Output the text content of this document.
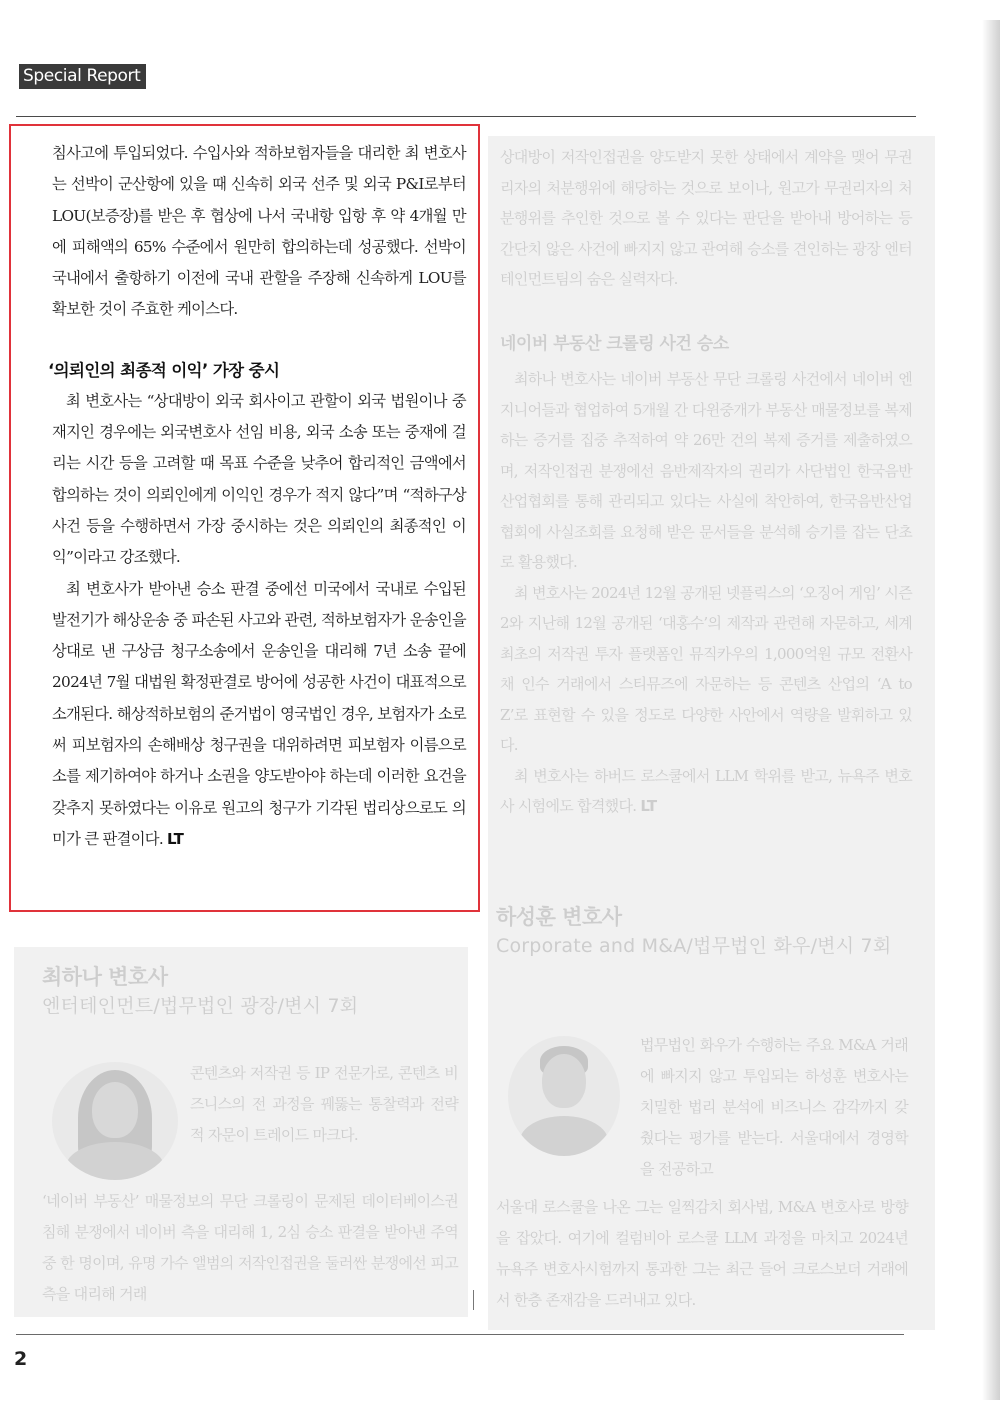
Special Report

상대방이 저작인접권을 양도받지 못한 상태에서 계약을 맺어 무권리자의 처분행위에 해당하는 것으로 보이나, 원고가 무권리자의 처분행위를 추인한 것으로 볼 수 있다는 판단을 받아내 방어하는 등 간단치 않은 사건에 빠지지 않고 관여해 승소를 견인하는 광장 엔터테인먼트팀의 숨은 실력자다.

네이버 부동산 크롤링 사건 승소

최하나 변호사는 네이버 부동산 무단 크롤링 사건에서 네이버 엔지니어들과 협업하여 5개월 간 다윈중개가 부동산 매물정보를 복제하는 증거를 집중 추적하여 약 26만 건의 복제 증거를 제출하였으며, 저작인접권 분쟁에선 음반제작자의 권리가 사단법인 한국음반산업협회를 통해 관리되고 있다는 사실에 착안하여, 한국음반산업협회에 사실조회를 요청해 받은 문서들을 분석해 승기를 잡는 단초로 활용했다.

최 변호사는 2024년 12월 공개된 넷플릭스의 ‘오징어 게임’ 시즌2와 지난해 12월 공개된 ‘대홍수’의 제작과 관련해 자문하고, 세계 최초의 저작권 투자 플랫폼인 뮤직카우의 1,000억원 규모 전환사채 인수 거래에서 스티뮤즈에 자문하는 등 콘텐츠 산업의 ‘A to Z’로 표현할 수 있을 정도로 다양한 사안에서 역량을 발휘하고 있다.

최 변호사는 하버드 로스쿨에서 LLM 학위를 받고, 뉴욕주 변호사 시험에도 합격했다. LT

하성훈 변호사

Corporate and M&A/법무법인 화우/변시 7회

법무법인 화우가 수행하는 주요 M&A 거래에 빠지지 않고 투입되는 하성훈 변호사는 치밀한 법리 분석에 비즈니스 감각까지 갖췄다는 평가를 받는다. 서울대에서 경영학을 전공하고

서울대 로스쿨을 나온 그는 일찍감치 회사법, M&A 변호사로 방향을 잡았다. 여기에 컬럼비아 로스쿨 LLM 과정을 마치고 2024년 뉴욕주 변호사시험까지 통과한 그는 최근 들어 크로스보더 거래에서 한층 존재감을 드러내고 있다.

최하나 변호사

엔터테인먼트/법무법인 광장/변시 7회

콘텐츠와 저작권 등 IP 전문가로, 콘텐츠 비즈니스의 전 과정을 꿰뚫는 통찰력과 전략적 자문이 트레이드 마크다.

‘네이버 부동산’ 매물정보의 무단 크롤링이 문제된 데이터베이스권 침해 분쟁에서 네이버 측을 대리해 1, 2심 승소 판결을 받아낸 주역 중 한 명이며, 유명 가수 앨범의 저작인접권을 둘러싼 분쟁에선 피고 측을 대리해 거래

침사고에 투입되었다. 수입사와 적하보험자들을 대리한 최 변호사는 선박이 군산항에 있을 때 신속히 외국 선주 및 외국 P&I로부터 LOU(보증장)를 받은 후 협상에 나서 국내항 입항 후 약 4개월 만에 피해액의 65% 수준에서 원만히 합의하는데 성공했다. 선박이 국내에서 출항하기 이전에 국내 관할을 주장해 신속하게 LOU를 확보한 것이 주효한 케이스다.

‘의뢰인의 최종적 이익’ 가장 중시

최 변호사는 “상대방이 외국 회사이고 관할이 외국 법원이나 중재지인 경우에는 외국변호사 선임 비용, 외국 소송 또는 중재에 걸리는 시간 등을 고려할 때 목표 수준을 낮추어 합리적인 금액에서 합의하는 것이 의뢰인에게 이익인 경우가 적지 않다”며 “적하구상 사건 등을 수행하면서 가장 중시하는 것은 의뢰인의 최종적인 이익”이라고 강조했다.

최 변호사가 받아낸 승소 판결 중에선 미국에서 국내로 수입된 발전기가 해상운송 중 파손된 사고와 관련, 적하보험자가 운송인을 상대로 낸 구상금 청구소송에서 운송인을 대리해 7년 소송 끝에 2024년 7월 대법원 확정판결로 방어에 성공한 사건이 대표적으로 소개된다. 해상적하보험의 준거법이 영국법인 경우, 보험자가 소로써 피보험자의 손해배상 청구권을 대위하려면 피보험자 이름으로 소를 제기하여야 하거나 소권을 양도받아야 하는데 이러한 요건을 갖추지 못하였다는 이유로 원고의 청구가 기각된 법리상으로도 의미가 큰 판결이다. LT

2
